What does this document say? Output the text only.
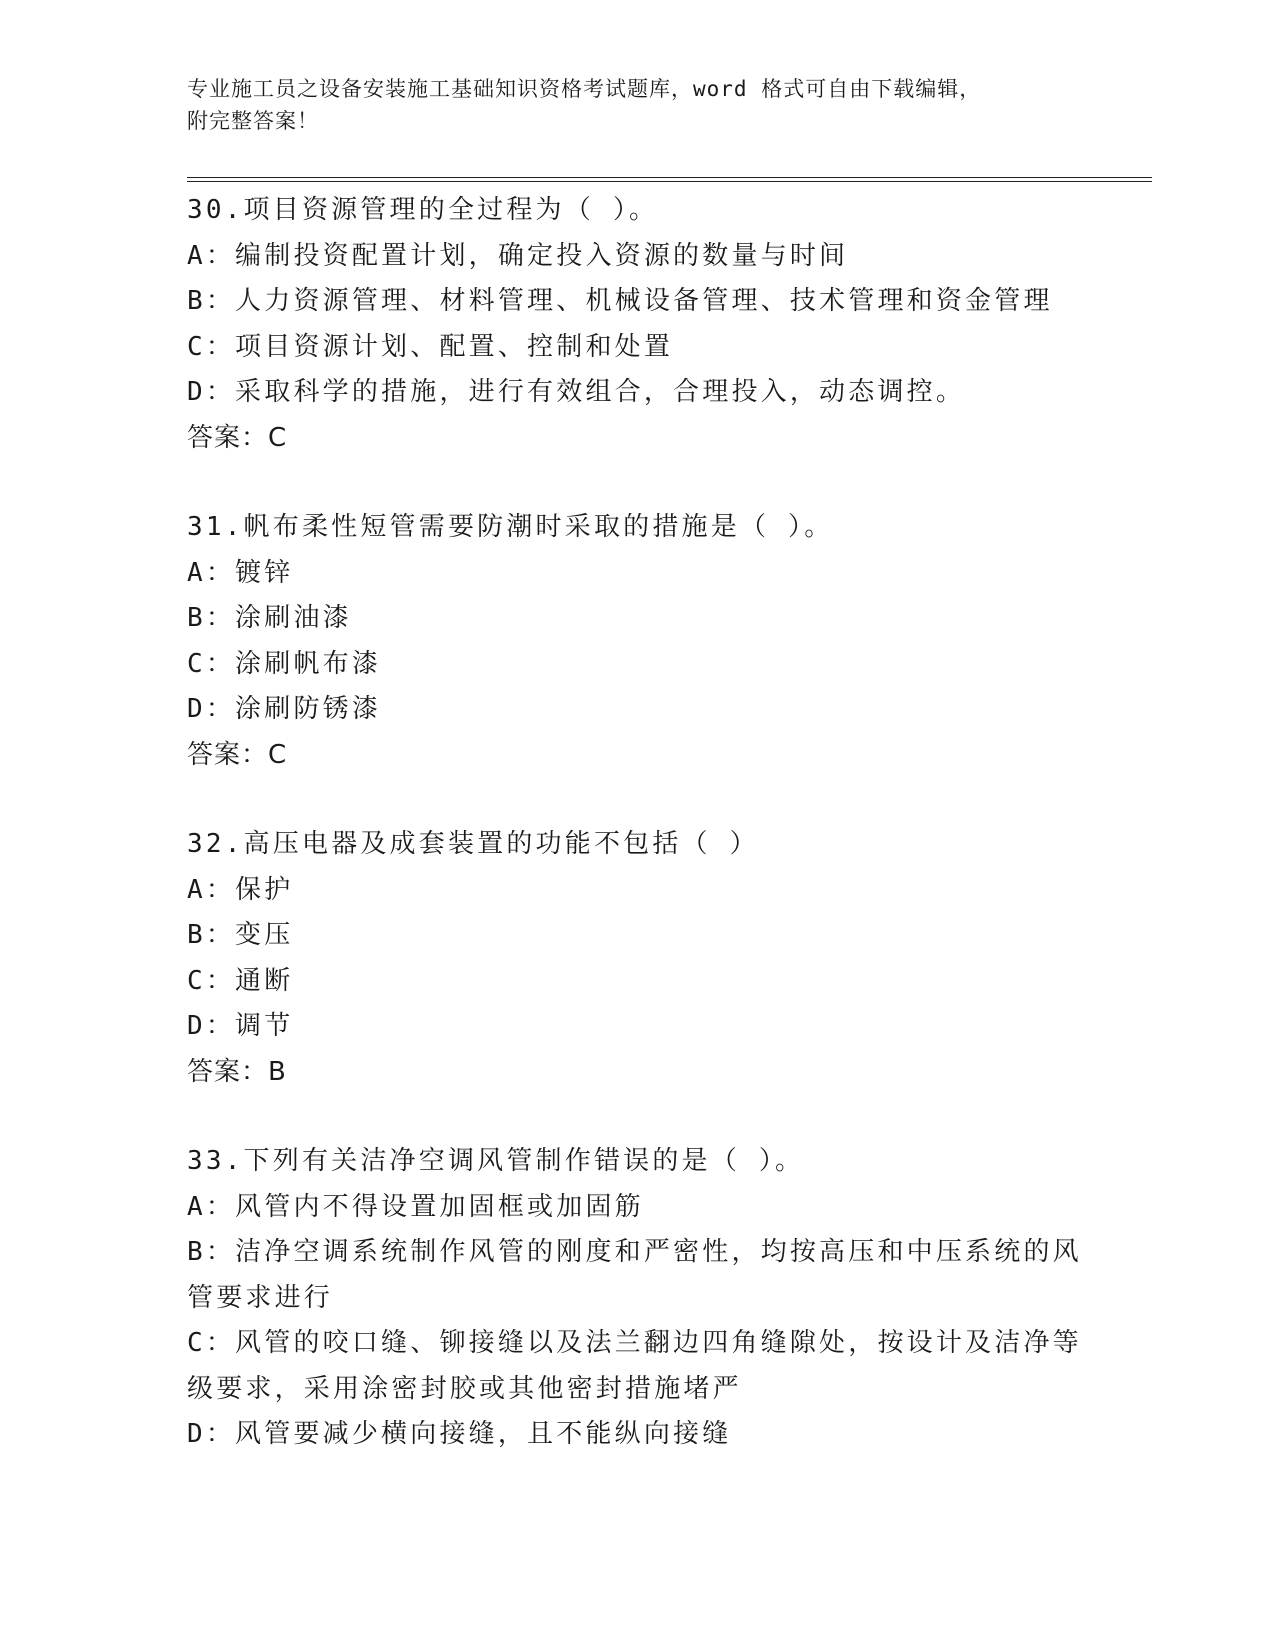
专业施工员之设备安装施工基础知识资格考试题库，word 格式可自由下载编辑，
附完整答案！
30.项目资源管理的全过程为（ ）。
A：编制投资配置计划，确定投入资源的数量与时间
B：人力资源管理、材料管理、机械设备管理、技术管理和资金管理
C：项目资源计划、配置、控制和处置
D：采取科学的措施，进行有效组合，合理投入，动态调控。
答案：C
31.帆布柔性短管需要防潮时采取的措施是（ ）。
A：镀锌
B：涂刷油漆
C：涂刷帆布漆
D：涂刷防锈漆
答案：C
32.高压电器及成套装置的功能不包括（ ）
A：保护
B：变压
C：通断
D：调节
答案：B
33.下列有关洁净空调风管制作错误的是（ ）。
A：风管内不得设置加固框或加固筋
B：洁净空调系统制作风管的刚度和严密性，均按高压和中压系统的风管要求进行
C：风管的咬口缝、铆接缝以及法兰翻边四角缝隙处，按设计及洁净等级要求，采用涂密封胶或其他密封措施堵严
D：风管要减少横向接缝，且不能纵向接缝
